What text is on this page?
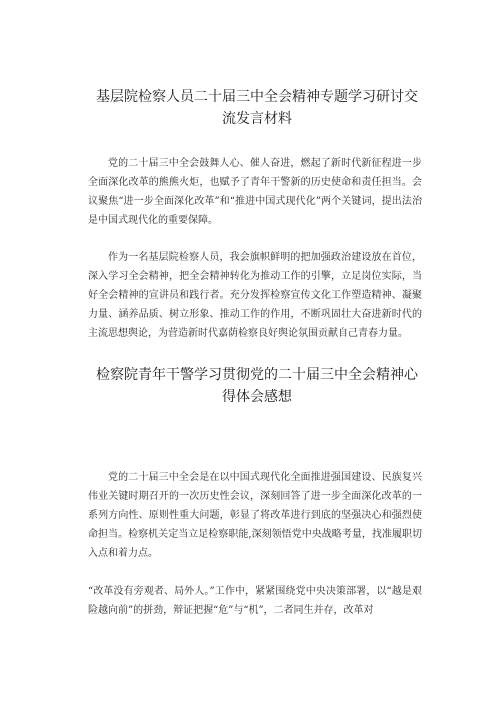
基层院检察人员二十届三中全会精神专题学习研讨交流发言材料

党的二十届三中全会鼓舞人心、催人奋进，燃起了新时代新征程进一步全面深化改革的熊熊火炬，也赋予了青年干警新的历史使命和责任担当。会议聚焦“进一步全面深化改革”和“推进中国式现代化”两个关键词，提出法治是中国式现代化的重要保障。

作为一名基层院检察人员，我会旗帜鲜明的把加强政治建设放在首位，深入学习全会精神，把全会精神转化为推动工作的引擎，立足岗位实际，当好全会精神的宣讲员和践行者。充分发挥检察宣传文化工作塑造精神、凝聚力量、涵养品质、树立形象、推动工作的作用，不断巩固壮大奋进新时代的主流思想舆论，为营造新时代嘉荫检察良好舆论氛围贡献自己青春力量。

检察院青年干警学习贯彻党的二十届三中全会精神心得体会感想

党的二十届三中全会是在以中国式现代化全面推进强国建设、民族复兴伟业关键时期召开的一次历史性会议，深刻回答了进一步全面深化改革的一系列方向性、原则性重大问题，彰显了将改革进行到底的坚强决心和强烈使命担当。检察机关定当立足检察职能,深刻领悟党中央战略考量，找准履职切入点和着力点。

“改革没有旁观者、局外人。”工作中，紧紧围绕党中央决策部署，以“越是艰险越向前”的拼劲，辩证把握“危”与“机”，二者同生并存，改革对
